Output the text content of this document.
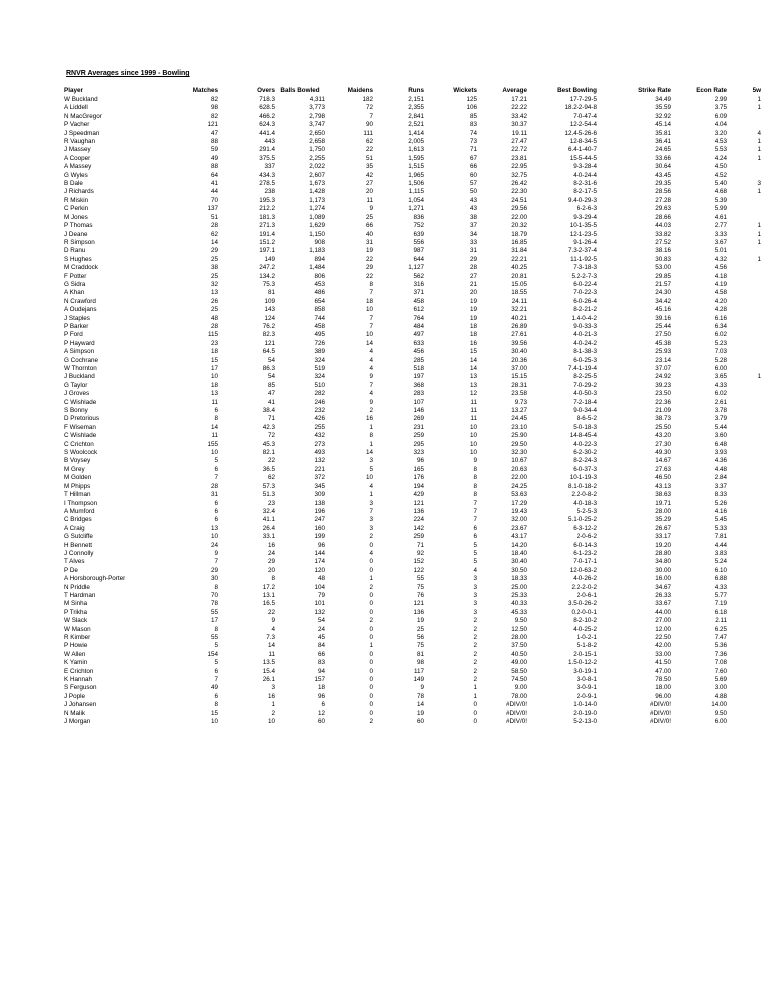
RNVR Averages since 1999 - Bowling
Player	Matches	Overs	Balls Bowled	Maidens	Runs	Wickets	Average	Best Bowling	Strike Rate	Econ Rate	5w
W Buckland	82	718.3	4,311	182	2,151	125	17.21	17-7-29-5	34.49	2.99	1
A Liddell	98	628.5	3,773	72	2,355	106	22.22	18.2-2-94-8	35.59	3.75	1
N MacGregor	82	466.2	2,798	7	2,841	85	33.42	7-0-47-4	32.92	6.09	
P Vacher	121	624.3	3,747	90	2,521	83	30.37	12-2-54-4	45.14	4.04	
J Speedman	47	441.4	2,650	111	1,414	74	19.11	12.4-5-26-6	35.81	3.20	4
R Vaughan	88	443	2,658	62	2,005	73	27.47	12-8-34-5	36.41	4.53	1
J Massey	59	291.4	1,750	22	1,613	71	22.72	6.4-1-40-7	24.65	5.53	1
A Cooper	49	375.5	2,255	51	1,595	67	23.81	15-5-44-5	33.66	4.24	1
A Massey	88	337	2,022	35	1,515	66	22.95	9-3-28-4	30.64	4.50	
G Wyles	64	434.3	2,607	42	1,965	60	32.75	4-0-24-4	43.45	4.52	
B Dale	41	278.5	1,673	27	1,506	57	26.42	8-2-31-6	29.35	5.40	3
J Richards	44	238	1,428	20	1,115	50	22.30	8-2-17-5	28.56	4.68	1
R Miskin	70	195.3	1,173	11	1,054	43	24.51	9.4-0-29-3	27.28	5.39	
C Perkin	137	212.2	1,274	9	1,271	43	29.56	6-2-6-3	29.63	5.99	
M Jones	51	181.3	1,089	25	836	38	22.00	9-3-29-4	28.66	4.61	
P Thomas	28	271.3	1,629	66	752	37	20.32	10-1-35-5	44.03	2.77	1
J Deane	62	191.4	1,150	40	639	34	18.79	12-1-23-5	33.82	3.33	1
R Simpson	14	151.2	908	31	556	33	16.85	9-1-26-4	27.52	3.67	1
D Ranu	29	197.1	1,183	19	987	31	31.84	7.3-2-37-4	38.16	5.01	
S Hughes	25	149	894	22	644	29	22.21	11-1-92-5	30.83	4.32	1
M Craddock	38	247.2	1,484	29	1,127	28	40.25	7-3-18-3	53.00	4.56	
F Potter	25	134.2	806	22	562	27	20.81	5.2-2-7-3	29.85	4.18	
G Sidra	32	75.3	453	8	316	21	15.05	6-0-22-4	21.57	4.19	
A Khan	13	81	486	7	371	20	18.55	7-0-22-3	24.30	4.58	
N Crawford	26	109	654	18	458	19	24.11	6-0-26-4	34.42	4.20	
A Oudejans	25	143	858	10	612	19	32.21	8-2-21-2	45.16	4.28	
J Staples	48	124	744	7	764	19	40.21	1.4-0-4-2	39.16	6.16	
P Barker	28	76.2	458	7	484	18	26.89	9-0-33-3	25.44	6.34	
P Ford	115	82.3	495	10	497	18	27.61	4-0-21-3	27.50	6.02	
P Hayward	23	121	726	14	633	16	39.56	4-0-24-2	45.38	5.23	
A Simpson	18	64.5	389	4	456	15	30.40	8-1-38-3	25.93	7.03	
G Cochrane	15	54	324	4	285	14	20.36	6-0-25-3	23.14	5.28	
W Thornton	17	86.3	519	4	518	14	37.00	7.4-1-19-4	37.07	6.00	
J Buckland	10	54	324	9	197	13	15.15	8-2-25-5	24.92	3.65	1
G Taylor	18	85	510	7	368	13	28.31	7-0-29-2	39.23	4.33	
J Groves	13	47	282	4	283	12	23.58	4-0-50-3	23.50	6.02	
C Wishlade	11	41	246	9	107	11	9.73	7-2-18-4	22.36	2.61	
S Bonny	6	38.4	232	2	146	11	13.27	9-0-34-4	21.09	3.78	
D Pretorious	8	71	426	16	269	11	24.45	8-6-5-2	38.73	3.79	
F Wiseman	14	42.3	255	1	231	10	23.10	5-0-18-3	25.50	5.44	
C Wishlade	11	72	432	8	259	10	25.90	14-8-45-4	43.20	3.60	
C Crichton	155	45.3	273	1	295	10	29.50	4-0-22-3	27.30	6.48	
S Woolcock	10	82.1	493	14	323	10	32.30	6-2-30-2	49.30	3.93	
B Voysey	5	22	132	3	96	9	10.67	8-2-24-3	14.67	4.36	
M Grey	6	36.5	221	5	165	8	20.63	6-0-37-3	27.63	4.48	
M Golden	7	62	372	10	176	8	22.00	10-1-19-3	46.50	2.84	
M Phipps	28	57.3	345	4	194	8	24.25	8.1-0-18-2	43.13	3.37	
T Hillman	31	51.3	309	1	429	8	53.63	2.2-0-8-2	38.63	8.33	
I Thompson	6	23	138	3	121	7	17.29	4-0-18-3	19.71	5.26	
A Mumford	6	32.4	196	7	136	7	19.43	5-2-5-3	28.00	4.16	
C Bridges	6	41.1	247	3	224	7	32.00	5.1-0-25-2	35.29	5.45	
A Craig	13	26.4	160	3	142	6	23.67	6-3-12-2	26.67	5.33	
G Sutcliffe	10	33.1	199	2	259	6	43.17	2-0-6-2	33.17	7.81	
H Bennett	24	16	96	0	71	5	14.20	6-0-14-3	19.20	4.44	
J Connolly	9	24	144	4	92	5	18.40	6-1-23-2	28.80	3.83	
T Alves	7	29	174	0	152	5	30.40	7-0-17-1	34.80	5.24	
P De	29	20	120	0	122	4	30.50	12-0-63-2	30.00	6.10	
A Horsborough-Porter	30	8	48	1	55	3	18.33	4-0-26-2	16.00	6.88	
N Priddle	8	17.2	104	2	75	3	25.00	2.2-2-0-2	34.67	4.33	
T Hardman	70	13.1	79	0	76	3	25.33	2-0-6-1	26.33	5.77	
M Sinha	78	16.5	101	0	121	3	40.33	3.5-0-26-2	33.67	7.19	
P Trikha	55	22	132	0	136	3	45.33	0.2-0-0-1	44.00	6.18	
W Slack	17	9	54	2	19	2	9.50	8-2-10-2	27.00	2.11	
W Mason	8	4	24	0	25	2	12.50	4-0-25-2	12.00	6.25	
R Kimber	55	7.3	45	0	56	2	28.00	1-0-2-1	22.50	7.47	
P Howie	5	14	84	1	75	2	37.50	5-1-8-2	42.00	5.36	
W Allen	154	11	66	0	81	2	40.50	2-0-15-1	33.00	7.36	
K Yamin	5	13.5	83	0	98	2	49.00	1.5-0-12-2	41.50	7.08	
E Crichton	6	15.4	94	0	117	2	58.50	3-0-19-1	47.00	7.60	
K Hannah	7	26.1	157	0	149	2	74.50	3-0-8-1	78.50	5.69	
S Ferguson	49	3	18	0	9	1	9.00	3-0-9-1	18.00	3.00	
J Pople	6	16	96	0	78	1	78.00	2-0-9-1	96.00	4.88	
J Johansen	8	1	6	0	14	0	#DIV/0!	1-0-14-0	#DIV/0!	14.00	
N Malik	15	2	12	0	19	0	#DIV/0!	2-0-19-0	#DIV/0!	9.50	
J Morgan	10	10	60	2	60	0	#DIV/0!	5-2-13-0	#DIV/0!	6.00	
